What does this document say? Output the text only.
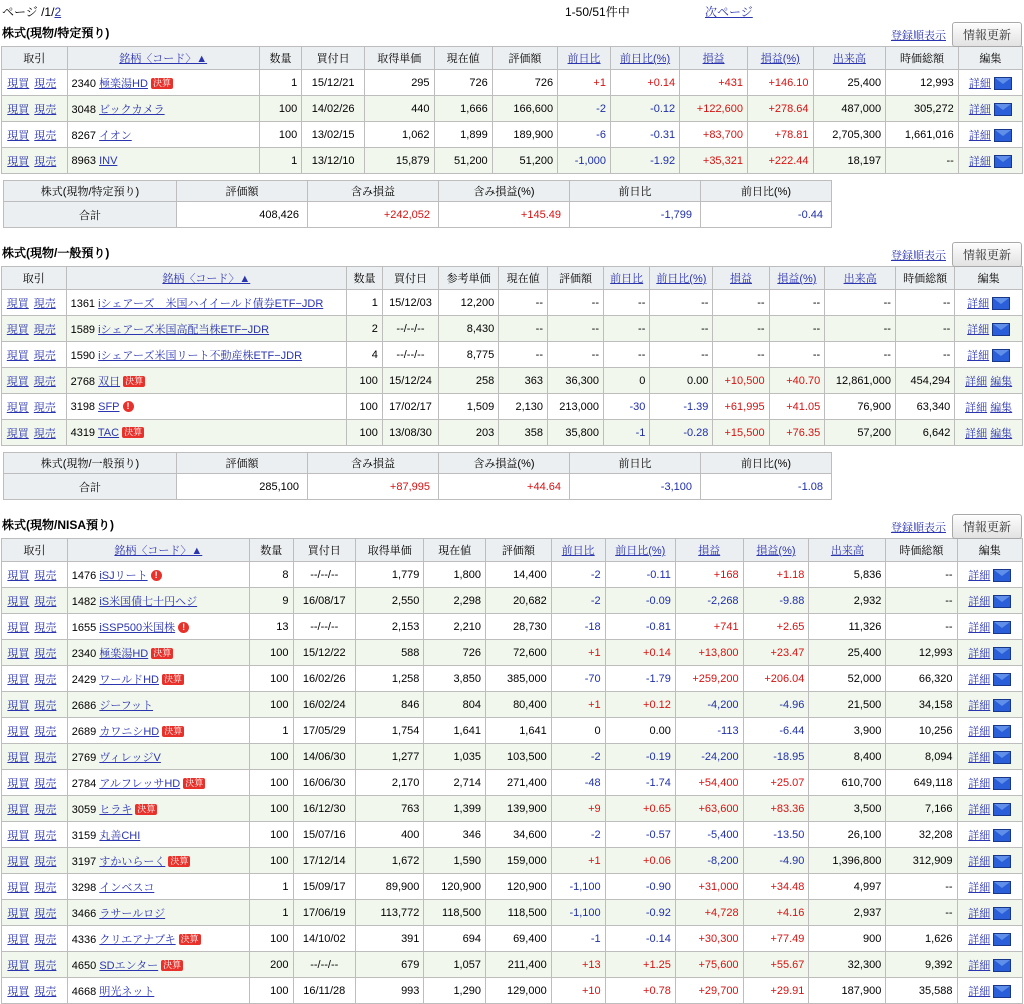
ページ /1/2	1-50/51件中	次ページ
株式(現物/特定預り)	登録順表示	情報更新
取引	銘柄〈コード〉▲	数量	買付日	取得単価	現在値	評価額	前日比	前日比(%)	損益	損益(%)	出来高	時価総額	編集
現買 現売	2340 極楽湯HD 決算	1	15/12/21	295	726	726	+1	+0.14	+431	+146.10	25,400	12,993	詳細
現買 現売	3048 ビックカメラ	100	14/02/26	440	1,666	166,600	-2	-0.12	+122,600	+278.64	487,000	305,272	詳細
現買 現売	8267 イオン	100	13/02/15	1,062	1,899	189,900	-6	-0.31	+83,700	+78.81	2,705,300	1,661,016	詳細
現買 現売	8963 INV	1	13/12/10	15,879	51,200	51,200	-1,000	-1.92	+35,321	+222.44	18,197	--	詳細
株式(現物/特定預り)	評価額	含み損益	含み損益(%)	前日比	前日比(%)
合計	408,426	+242,052	+145.49	-1,799	-0.44
株式(現物/一般預り)	登録順表示	情報更新
取引	銘柄〈コード〉▲	数量	買付日	参考単価	現在値	評価額	前日比	前日比(%)	損益	損益(%)	出来高	時価総額	編集
現買 現売	1361 iシェアーズ　米国ハイイールド債券ETF−JDR	1	15/12/03	12,200	--	--	--	--	--	--	--	--	詳細
現買 現売	1589 iシェアーズ米国高配当株ETF−JDR	2	--/--/--	8,430	--	--	--	--	--	--	--	--	詳細
現買 現売	1590 iシェアーズ米国リート不動産株ETF−JDR	4	--/--/--	8,775	--	--	--	--	--	--	--	--	詳細
現買 現売	2768 双日 決算	100	15/12/24	258	363	36,300	0	0.00	+10,500	+40.70	12,861,000	454,294	詳細 編集
現買 現売	3198 SFP !	100	17/02/17	1,509	2,130	213,000	-30	-1.39	+61,995	+41.05	76,900	63,340	詳細 編集
現買 現売	4319 TAC 決算	100	13/08/30	203	358	35,800	-1	-0.28	+15,500	+76.35	57,200	6,642	詳細 編集
株式(現物/一般預り)	評価額	含み損益	含み損益(%)	前日比	前日比(%)
合計	285,100	+87,995	+44.64	-3,100	-1.08
株式(現物/NISA預り)	登録順表示	情報更新
取引	銘柄〈コード〉▲	数量	買付日	取得単価	現在値	評価額	前日比	前日比(%)	損益	損益(%)	出来高	時価総額	編集
現買 現売	1476 iSJリート !	8	--/--/--	1,779	1,800	14,400	-2	-0.11	+168	+1.18	5,836	--	詳細
現買 現売	1482 iS米国債七十円ヘジ	9	16/08/17	2,550	2,298	20,682	-2	-0.09	-2,268	-9.88	2,932	--	詳細
現買 現売	1655 iSSP500米国株 !	13	--/--/--	2,153	2,210	28,730	-18	-0.81	+741	+2.65	11,326	--	詳細
現買 現売	2340 極楽湯HD 決算	100	15/12/22	588	726	72,600	+1	+0.14	+13,800	+23.47	25,400	12,993	詳細
現買 現売	2429 ワールドHD 決算	100	16/02/26	1,258	3,850	385,000	-70	-1.79	+259,200	+206.04	52,000	66,320	詳細
現買 現売	2686 ジーフット	100	16/02/24	846	804	80,400	+1	+0.12	-4,200	-4.96	21,500	34,158	詳細
現買 現売	2689 カワニシHD 決算	1	17/05/29	1,754	1,641	1,641	0	0.00	-113	-6.44	3,900	10,256	詳細
現買 現売	2769 ヴィレッジV	100	14/06/30	1,277	1,035	103,500	-2	-0.19	-24,200	-18.95	8,400	8,094	詳細
現買 現売	2784 アルフレッサHD 決算	100	16/06/30	2,170	2,714	271,400	-48	-1.74	+54,400	+25.07	610,700	649,118	詳細
現買 現売	3059 ヒラキ 決算	100	16/12/30	763	1,399	139,900	+9	+0.65	+63,600	+83.36	3,500	7,166	詳細
現買 現売	3159 丸善CHI	100	15/07/16	400	346	34,600	-2	-0.57	-5,400	-13.50	26,100	32,208	詳細
現買 現売	3197 すかいらーく 決算	100	17/12/14	1,672	1,590	159,000	+1	+0.06	-8,200	-4.90	1,396,800	312,909	詳細
現買 現売	3298 インベスコ	1	15/09/17	89,900	120,900	120,900	-1,100	-0.90	+31,000	+34.48	4,997	--	詳細
現買 現売	3466 ラサールロジ	1	17/06/19	113,772	118,500	118,500	-1,100	-0.92	+4,728	+4.16	2,937	--	詳細
現買 現売	4336 クリエアナブキ 決算	100	14/10/02	391	694	69,400	-1	-0.14	+30,300	+77.49	900	1,626	詳細
現買 現売	4650 SDエンター 決算	200	--/--/--	679	1,057	211,400	+13	+1.25	+75,600	+55.67	32,300	9,392	詳細
現買 現売	4668 明光ネット	100	16/11/28	993	1,290	129,000	+10	+0.78	+29,700	+29.91	187,900	35,588	詳細
